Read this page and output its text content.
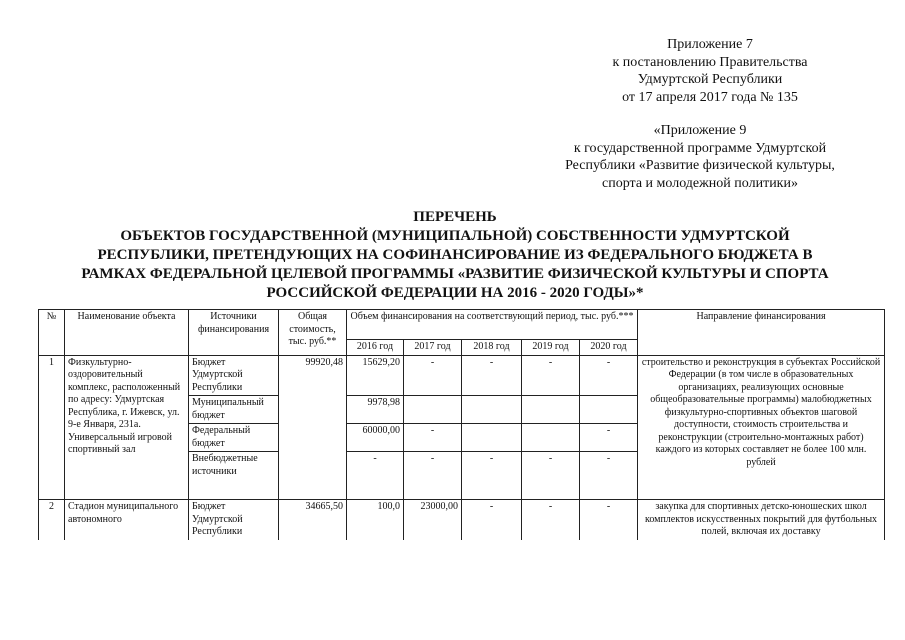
Приложение 7
к постановлению Правительства
Удмуртской Республики
от 17 апреля 2017 года № 135
«Приложение 9
к государственной программе Удмуртской
Республики «Развитие физической культуры,
спорта и молодежной политики»
ПЕРЕЧЕНЬ
ОБЪЕКТОВ ГОСУДАРСТВЕННОЙ (МУНИЦИПАЛЬНОЙ) СОБСТВЕННОСТИ УДМУРТСКОЙ
РЕСПУБЛИКИ, ПРЕТЕНДУЮЩИХ НА СОФИНАНСИРОВАНИЕ ИЗ ФЕДЕРАЛЬНОГО БЮДЖЕТА В
РАМКАХ ФЕДЕРАЛЬНОЙ ЦЕЛЕВОЙ ПРОГРАММЫ «РАЗВИТИЕ ФИЗИЧЕСКОЙ КУЛЬТУРЫ И СПОРТА
РОССИЙСКОЙ ФЕДЕРАЦИИ НА 2016 - 2020 ГОДЫ»*
№	Наименование объекта	Источники финансирования	Общая стоимость, тыс. руб.**	Объем финансирования на соответствующий период, тыс. руб.***					Направление финансирования
				2016 год	2017 год	2018 год	2019 год	2020 год	
1	Физкультурно-оздоровительный комплекс, расположенный по адресу: Удмуртская Республика, г. Ижевск, ул. 9-е Января, 231а. Универсальный игровой спортивный зал	Бюджет Удмуртской Республики	99920,48	15629,20	-	-	-	-	строительство и реконструкция в субъектах Российской Федерации (в том числе в образовательных организациях, реализующих основные общеобразовательные программы) малобюджетных физкультурно-спортивных объектов шаговой доступности, стоимость строительства и реконструкции (строительно-монтажных работ) каждого из которых составляет не более 100 млн. рублей
		Муниципальный бюджет		9978,98					
		Федеральный бюджет		60000,00	-			-	
		Внебюджетные источники		-	-	-	-	-	
2	Стадион муниципального автономного	Бюджет Удмуртской Республики	34665,50	100,0	23000,00	-	-	-	закупка для спортивных детско-юношеских школ комплектов искусственных покрытий для футбольных полей, включая их доставку
